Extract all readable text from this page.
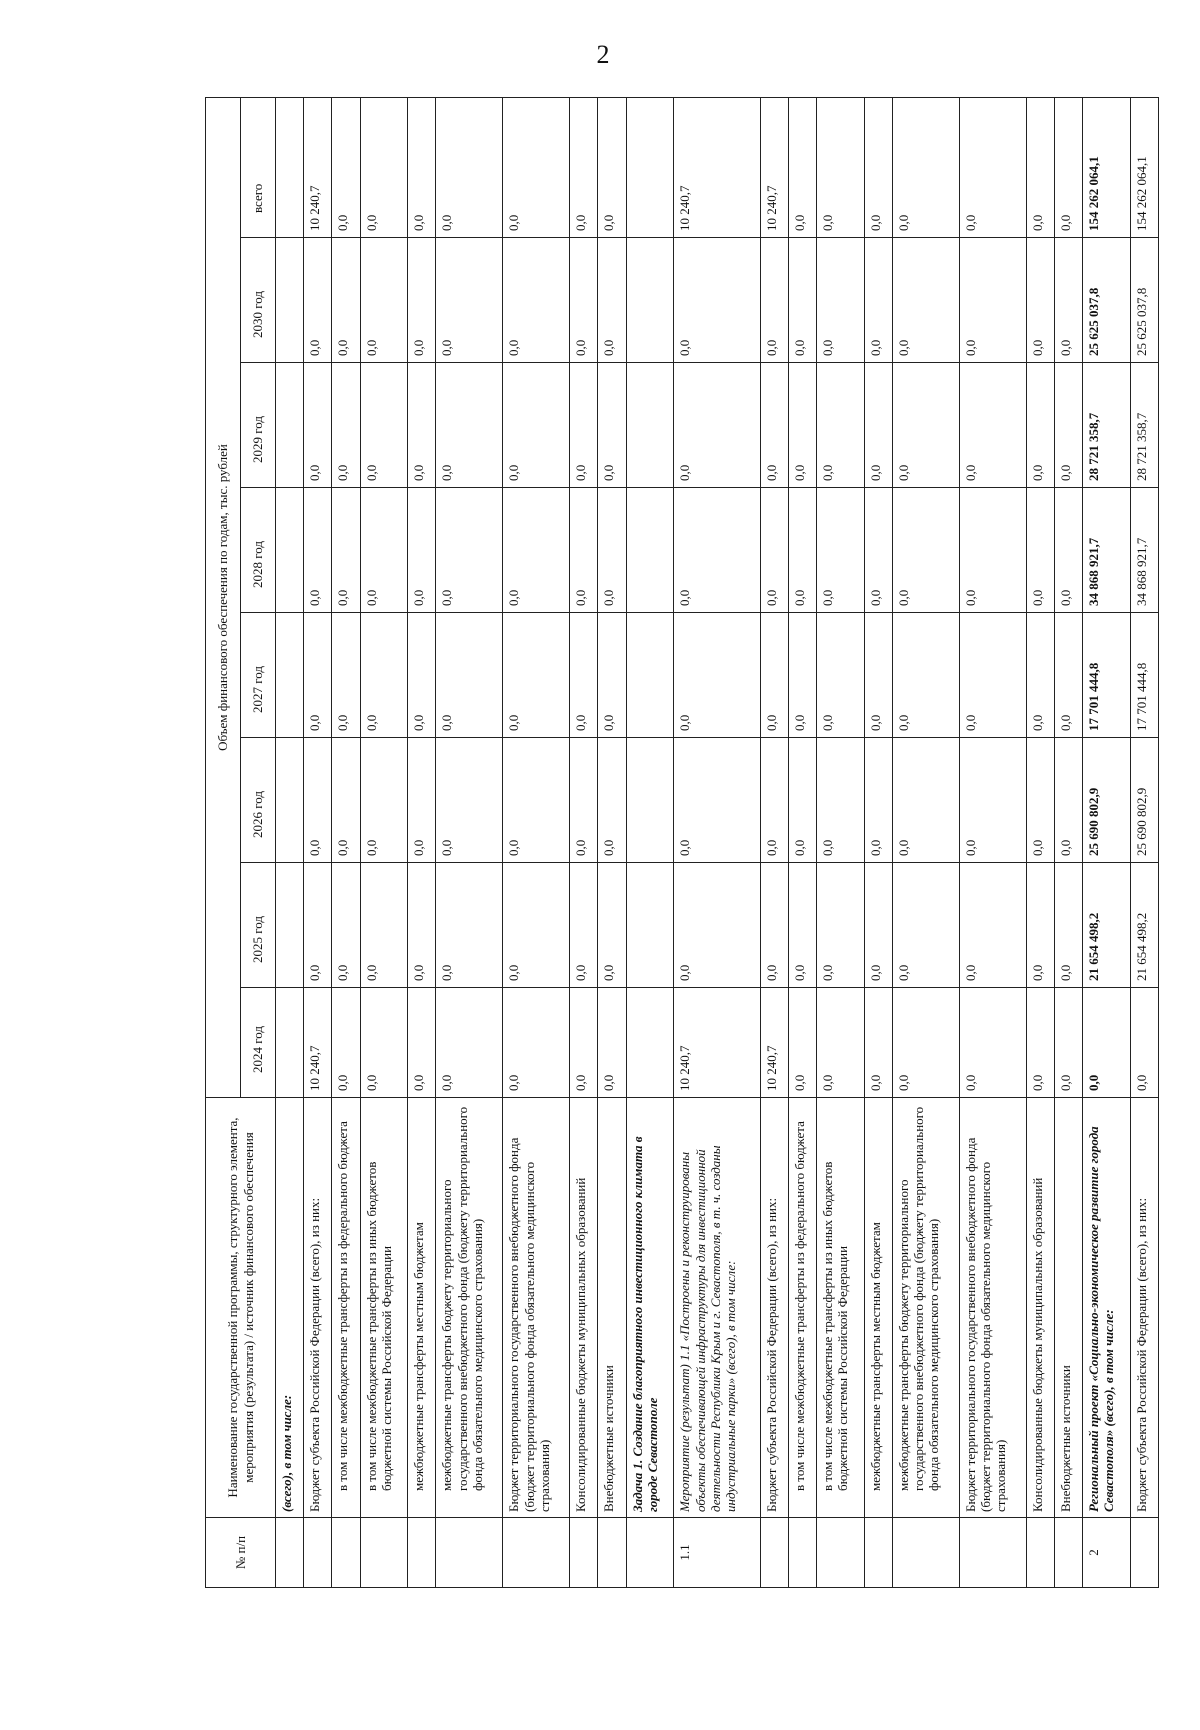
2
№ п/п	Наименование государственной программы, структурного элемента, мероприятия (результата) / источник финансового обеспечения	Объем финансового обеспечения по годам, тыс. рублей							
		2024 год	2025 год	2026 год	2027 год	2028 год	2029 год	2030 год	всего
	(всего), в том числе:								
	Бюджет субъекта Российской Федерации (всего), из них:	10 240,7	0,0	0,0	0,0	0,0	0,0	0,0	10 240,7
	в том числе межбюджетные трансферты из федерального бюджета	0,0	0,0	0,0	0,0	0,0	0,0	0,0	0,0
	в том числе межбюджетные трансферты из иных бюджетов бюджетной системы Российской Федерации	0,0	0,0	0,0	0,0	0,0	0,0	0,0	0,0
	межбюджетные трансферты местным бюджетам	0,0	0,0	0,0	0,0	0,0	0,0	0,0	0,0
	межбюджетные трансферты бюджету территориального государственного внебюджетного фонда (бюджету территориального фонда обязательного медицинского страхования)	0,0	0,0	0,0	0,0	0,0	0,0	0,0	0,0
	Бюджет территориального государственного внебюджетного фонда (бюджет территориального фонда обязательного медицинского страхования)	0,0	0,0	0,0	0,0	0,0	0,0	0,0	0,0
	Консолидированные бюджеты муниципальных образований	0,0	0,0	0,0	0,0	0,0	0,0	0,0	0,0
	Внебюджетные источники	0,0	0,0	0,0	0,0	0,0	0,0	0,0	0,0
	Задача 1. Создание благоприятного инвестиционного климата в городе Севастополе								
1.1	Мероприятие (результат) 1.1 «Построены и реконструированы объекты обеспечивающей инфраструктуры для инвестиционной деятельности Республики Крым и г. Севастополя, в т. ч. созданы индустриальные парки» (всего), в том числе:	10 240,7	0,0	0,0	0,0	0,0	0,0	0,0	10 240,7
	Бюджет субъекта Российской Федерации (всего), из них:	10 240,7	0,0	0,0	0,0	0,0	0,0	0,0	10 240,7
	в том числе межбюджетные трансферты из федерального бюджета	0,0	0,0	0,0	0,0	0,0	0,0	0,0	0,0
	в том числе межбюджетные трансферты из иных бюджетов бюджетной системы Российской Федерации	0,0	0,0	0,0	0,0	0,0	0,0	0,0	0,0
	межбюджетные трансферты местным бюджетам	0,0	0,0	0,0	0,0	0,0	0,0	0,0	0,0
	межбюджетные трансферты бюджету территориального государственного внебюджетного фонда (бюджету территориального фонда обязательного медицинского страхования)	0,0	0,0	0,0	0,0	0,0	0,0	0,0	0,0
	Бюджет территориального государственного внебюджетного фонда (бюджет территориального фонда обязательного медицинского страхования)	0,0	0,0	0,0	0,0	0,0	0,0	0,0	0,0
	Консолидированные бюджеты муниципальных образований	0,0	0,0	0,0	0,0	0,0	0,0	0,0	0,0
	Внебюджетные источники	0,0	0,0	0,0	0,0	0,0	0,0	0,0	0,0
2	Региональный проект «Социально-экономическое развитие города Севастополя» (всего), в том числе:	0,0	21 654 498,2	25 690 802,9	17 701 444,8	34 868 921,7	28 721 358,7	25 625 037,8	154 262 064,1
	Бюджет субъекта Российской Федерации (всего), из них:	0,0	21 654 498,2	25 690 802,9	17 701 444,8	34 868 921,7	28 721 358,7	25 625 037,8	154 262 064,1
